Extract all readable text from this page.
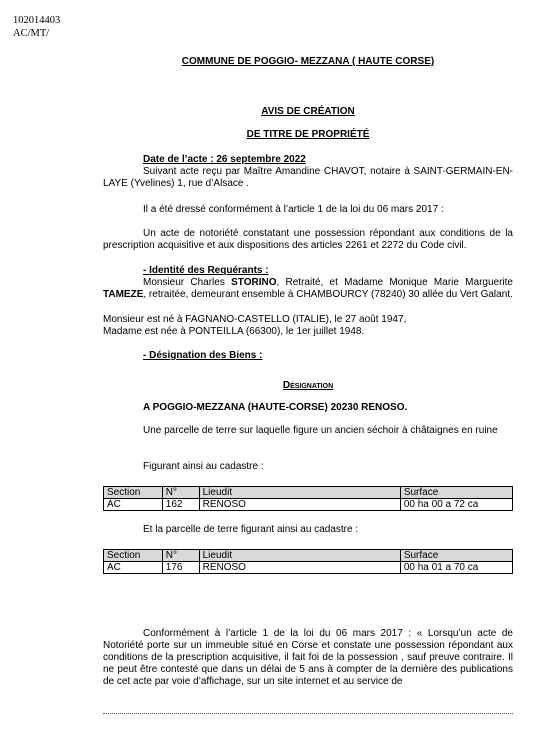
102014403
AC/MT/
COMMUNE DE POGGIO- MEZZANA ( HAUTE CORSE)
AVIS DE CRÉATION
DE TITRE DE PROPRIÉTÉ
Date de l’acte : 26 septembre 2022
Suivant acte reçu par Maître Amandine CHAVOT, notaire à SAINT-GERMAIN-EN-LAYE (Yvelines) 1, rue d’Alsace .
Il a été dressé conformément à l’article 1 de la loi du 06 mars 2017 :
Un acte de notoriété constatant une possession répondant aux conditions de la prescription acquisitive et aux dispositions des articles 2261 et 2272 du Code civil.
- Identité des Requérants :
Monsieur Charles STORINO, Retraité, et Madame Monique Marie Marguerite TAMEZE, retraitée, demeurant ensemble à CHAMBOURCY (78240) 30 allée du Vert Galant.
Monsieur est né à FAGNANO-CASTELLO (ITALIE), le 27 août 1947,
Madame est née à PONTEILLA (66300), le 1er juillet 1948.
- Désignation des Biens :
Désignation
A POGGIO-MEZZANA (HAUTE-CORSE) 20230 RENOSO.
Une parcelle de terre sur laquelle figure un ancien séchoir à châtaignes en ruine
Figurant ainsi au cadastre :
Section	N°	Lieudit	Surface
AC	162	RENOSO	00 ha 00 a 72 ca
Et la parcelle de terre figurant ainsi au cadastre :
Section	N°	Lieudit	Surface
AC	176	RENOSO	00 ha 01 a 70 ca
Conformément à l’article 1 de la loi du 06 mars 2017 : « Lorsqu’un acte de Notoriété porte sur un immeuble situé en Corse et constate une possession répondant aux conditions de la prescription acquisitive, il fait foi de la possession , sauf preuve contraire. Il ne peut être contesté que dans un délai de 5 ans à compter de la dernière des publications de cet acte par voie d’affichage, sur un site internet et au service de
